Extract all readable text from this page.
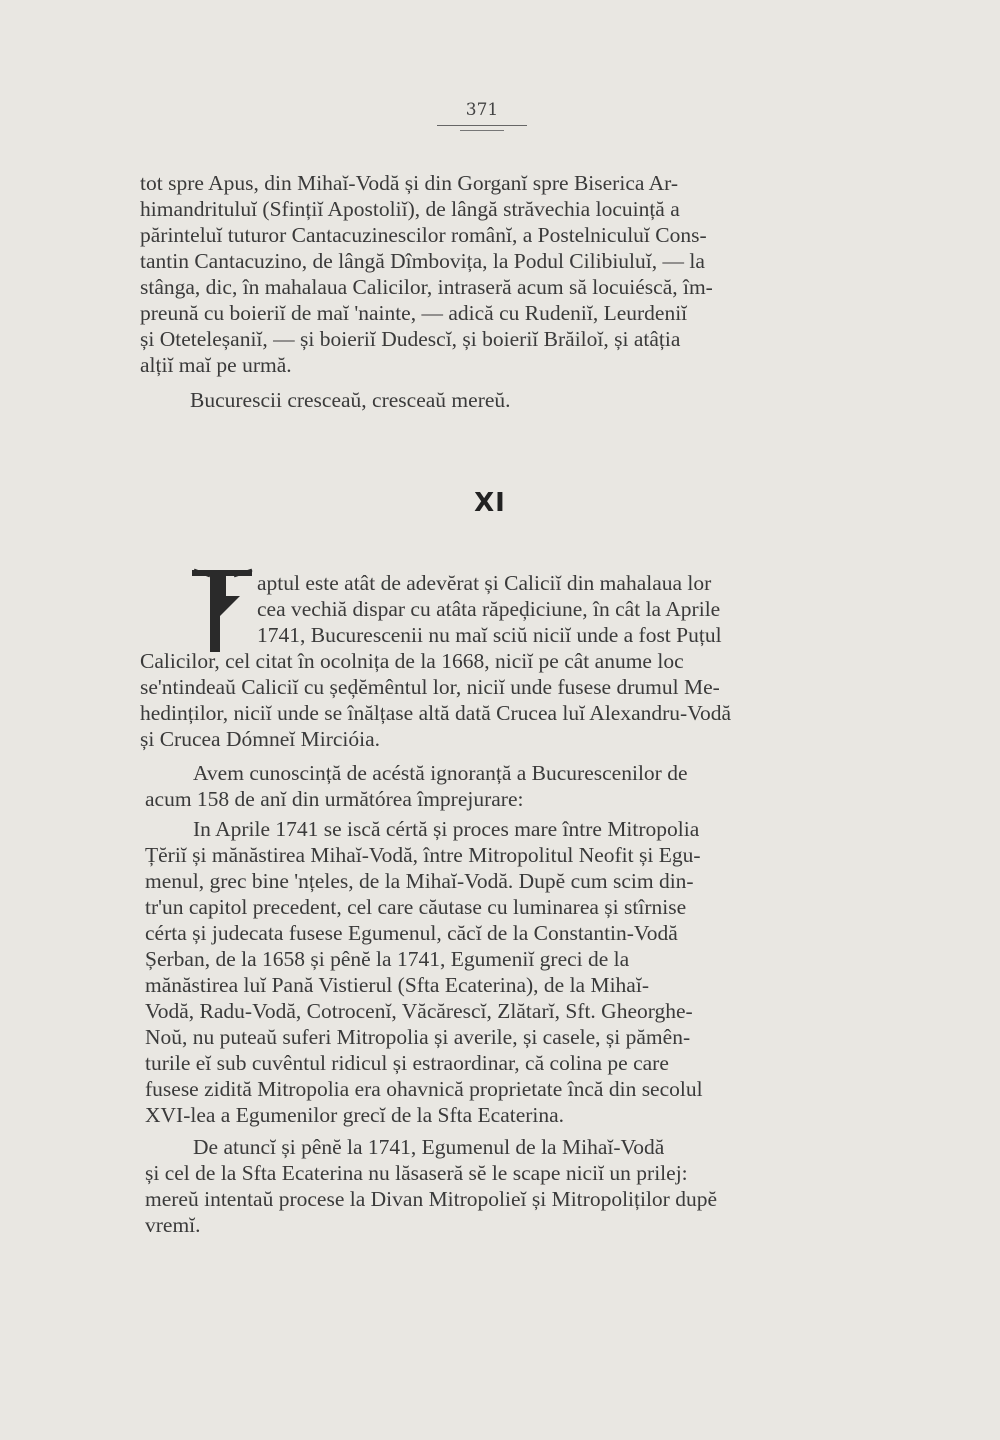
371
tot spre Apus, din Mihaĭ-Vodă și din Gorganĭ spre Biserica Ar-
himandrituluĭ (Sfințiĭ Apostoliĭ), de lângă străvechia locuință a
părinteluĭ tuturor Cantacuzinescilor românĭ, a Postelniculuĭ Cons-
tantin Cantacuzino, de lângă Dîmbovița, la Podul Cilibiuluĭ, — la
stânga, dic, în mahalaua Calicilor, intraseră acum să locuiéscă, îm-
preună cu boieriĭ de maĭ 'nainte, — adică cu Rudeniĭ, Leurdeniĭ
și Oteteleșaniĭ, — și boieriĭ Dudescĭ, și boieriĭ Brăiloĭ, și atâția
alțiĭ maĭ pe urmă.
Bucurescii cresceaŭ, cresceaŭ mereŭ.
XI
aptul este atât de adevĕrat și Caliciĭ din mahalaua lor
cea vechiă dispar cu atâta răpeḑiciune, în cât la Aprile
1741, Bucurescenii nu maĭ sciŭ niciĭ unde a fost Puțul
Calicilor, cel citat în ocolnița de la 1668, niciĭ pe cât anume loc
se'ntindeaŭ Caliciĭ cu șeḑĕmêntul lor, niciĭ unde fusese drumul Me-
hedinților, niciĭ unde se înălțase altă dată Crucea luĭ Alexandru-Vodă
și Crucea Dómneĭ Mircióia.
Avem cunoscință de acéstă ignoranță a Bucurescenilor de
acum 158 de anĭ din următórea împrejurare:
In Aprile 1741 se iscă cértă și proces mare între Mitropolia
Țĕriĭ și mănăstirea Mihaĭ-Vodă, între Mitropolitul Neofit și Egu-
menul, grec bine 'nțeles, de la Mihaĭ-Vodă. Dupĕ cum scim din-
tr'un capitol precedent, cel care căutase cu luminarea și stîrnise
cérta și judecata fusese Egumenul, căcĭ de la Constantin-Vodă
Șerban, de la 1658 și pênĕ la 1741, Egumeniĭ greci de la
mănăstirea luĭ Pană Vistierul (Sfta Ecaterina), de la Mihaĭ-
Vodă, Radu-Vodă, Cotrocenĭ, Văcărescĭ, Zlătarĭ, Sft. Gheorghe-
Noŭ, nu puteaŭ suferi Mitropolia și averile, și casele, și pămên-
turile eĭ sub cuvêntul ridicul și estraordinar, că colina pe care
fusese zidită Mitropolia era ohavnică proprietate încă din secolul
XVI-lea a Egumenilor grecĭ de la Sfta Ecaterina.
De atuncĭ și pênĕ la 1741, Egumenul de la Mihaĭ-Vodă
și cel de la Sfta Ecaterina nu lăsaseră sĕ le scape niciĭ un prilej:
mereŭ intentaŭ procese la Divan Mitropolieĭ și Mitropoliților dupĕ
vremĭ.
